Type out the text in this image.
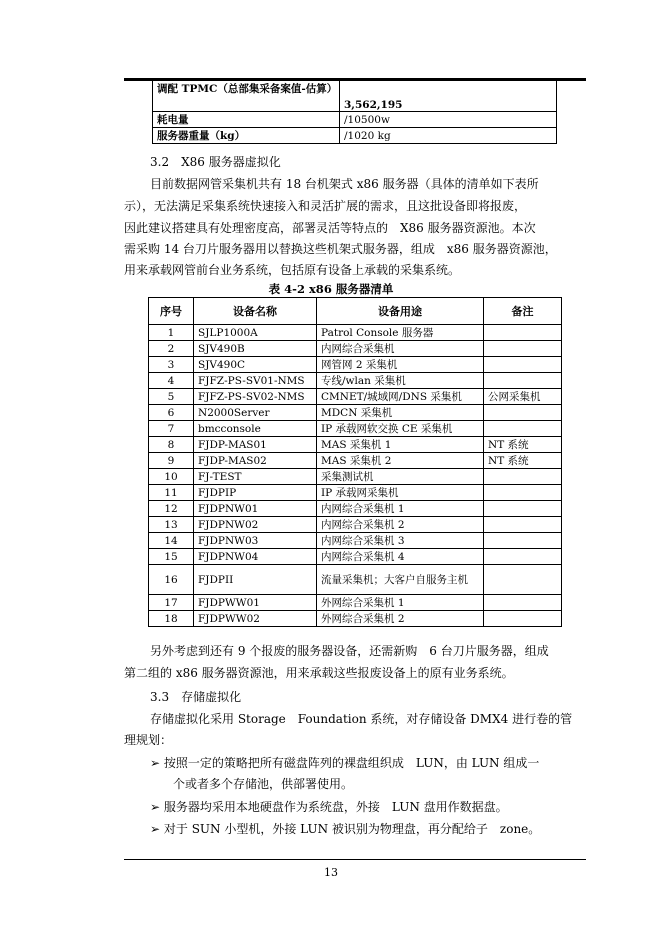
调配 TPMC（总部集采备案值-估算）	3,562,195
耗电量	/10500w
服务器重量（kg）	/1020 kg
3.2　X86 服务器虚拟化
目前数据网管采集机共有 18 台机架式 x86 服务器（具体的清单如下表所
示），无法满足采集系统快速接入和灵活扩展的需求，且这批设备即将报废，
因此建议搭建具有处理密度高，部署灵活等特点的　X86 服务器资源池。本次
需采购 14 台刀片服务器用以替换这些机架式服务器，组成　x86 服务器资源池，
用来承载网管前台业务系统，包括原有设备上承载的采集系统。
表 4-2 x86 服务器清单
序号	设备名称	设备用途	备注
1	SJLP1000A	Patrol Console 服务器	
2	SJV490B	内网综合采集机	
3	SJV490C	网管网 2 采集机	
4	FJFZ-PS-SV01-NMS	专线/wlan 采集机	
5	FJFZ-PS-SV02-NMS	CMNET/城域网/DNS 采集机	公网采集机
6	N2000Server	MDCN 采集机	
7	bmcconsole	IP 承载网软交换 CE 采集机	
8	FJDP-MAS01	MAS 采集机 1	NT 系统
9	FJDP-MAS02	MAS 采集机 2	NT 系统
10	FJ-TEST	采集测试机	
11	FJDPIP	IP 承载网采集机	
12	FJDPNW01	内网综合采集机 1	
13	FJDPNW02	内网综合采集机 2	
14	FJDPNW03	内网综合采集机 3	
15	FJDPNW04	内网综合采集机 4	
16	FJDPII	流量采集机；大客户自服务主机	
17	FJDPWW01	外网综合采集机 1	
18	FJDPWW02	外网综合采集机 2	
另外考虑到还有 9 个报废的服务器设备，还需新购　6 台刀片服务器，组成
第二组的 x86 服务器资源池，用来承载这些报废设备上的原有业务系统。
3.3　存储虚拟化
存储虚拟化采用 Storage　Foundation 系统，对存储设备 DMX4 进行卷的管
理规划：
➢ 按照一定的策略把所有磁盘阵列的裸盘组织成　LUN，由 LUN 组成一
个或者多个存储池，供部署使用。
➢ 服务器均采用本地硬盘作为系统盘，外接　LUN 盘用作数据盘。
➢ 对于 SUN 小型机，外接 LUN 被识别为物理盘，再分配给子　zone。
13
